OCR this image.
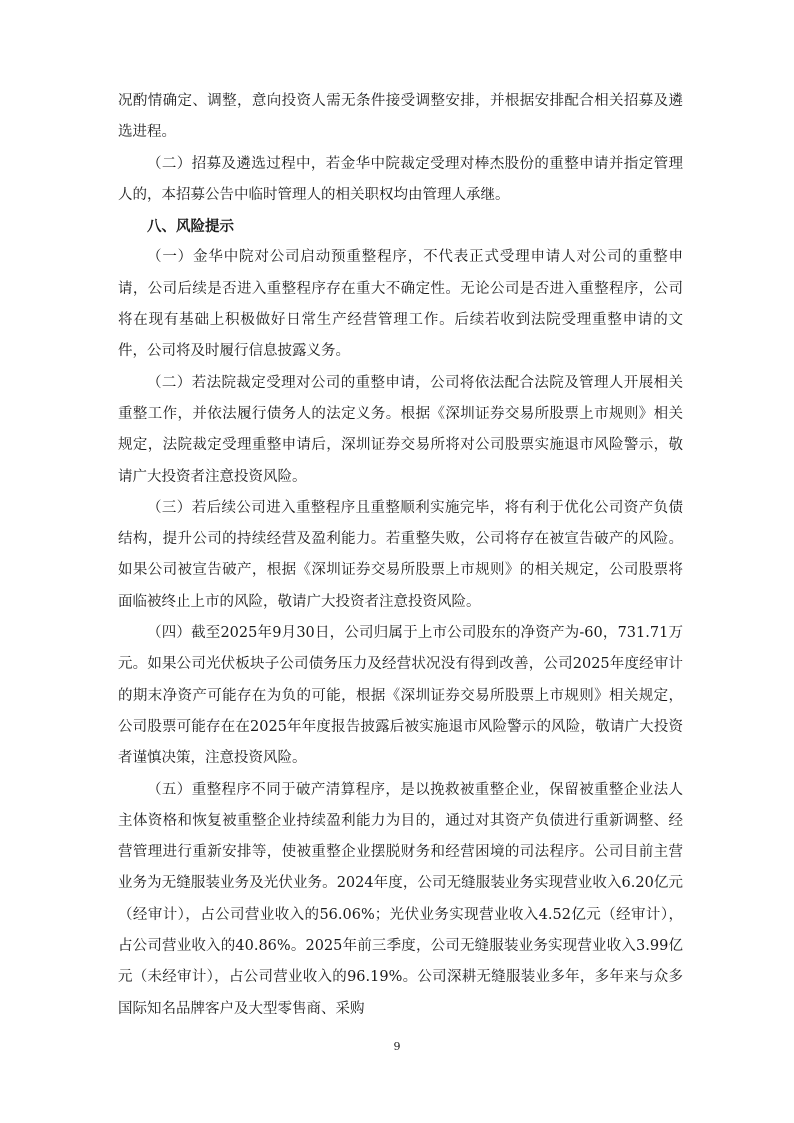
况酌情确定、调整，意向投资人需无条件接受调整安排，并根据安排配合相关招募及遴选进程。

（二）招募及遴选过程中，若金华中院裁定受理对棒杰股份的重整申请并指定管理人的，本招募公告中临时管理人的相关职权均由管理人承继。

八、风险提示

（一）金华中院对公司启动预重整程序，不代表正式受理申请人对公司的重整申请，公司后续是否进入重整程序存在重大不确定性。无论公司是否进入重整程序，公司将在现有基础上积极做好日常生产经营管理工作。后续若收到法院受理重整申请的文件，公司将及时履行信息披露义务。

（二）若法院裁定受理对公司的重整申请，公司将依法配合法院及管理人开展相关重整工作，并依法履行债务人的法定义务。根据《深圳证券交易所股票上市规则》相关规定，法院裁定受理重整申请后，深圳证券交易所将对公司股票实施退市风险警示，敬请广大投资者注意投资风险。

（三）若后续公司进入重整程序且重整顺利实施完毕，将有利于优化公司资产负债结构，提升公司的持续经营及盈利能力。若重整失败，公司将存在被宣告破产的风险。如果公司被宣告破产，根据《深圳证券交易所股票上市规则》的相关规定，公司股票将面临被终止上市的风险，敬请广大投资者注意投资风险。

（四）截至2025年9月30日，公司归属于上市公司股东的净资产为-60，731.71万元。如果公司光伏板块子公司债务压力及经营状况没有得到改善，公司2025年度经审计的期末净资产可能存在为负的可能，根据《深圳证券交易所股票上市规则》相关规定，公司股票可能存在在2025年年度报告披露后被实施退市风险警示的风险，敬请广大投资者谨慎决策，注意投资风险。

（五）重整程序不同于破产清算程序，是以挽救被重整企业，保留被重整企业法人主体资格和恢复被重整企业持续盈利能力为目的，通过对其资产负债进行重新调整、经营管理进行重新安排等，使被重整企业摆脱财务和经营困境的司法程序。公司目前主营业务为无缝服装业务及光伏业务。2024年度，公司无缝服装业务实现营业收入6.20亿元（经审计），占公司营业收入的56.06%；光伏业务实现营业收入4.52亿元（经审计），占公司营业收入的40.86%。2025年前三季度，公司无缝服装业务实现营业收入3.99亿元（未经审计），占公司营业收入的96.19%。公司深耕无缝服装业多年，多年来与众多国际知名品牌客户及大型零售商、采购

9
